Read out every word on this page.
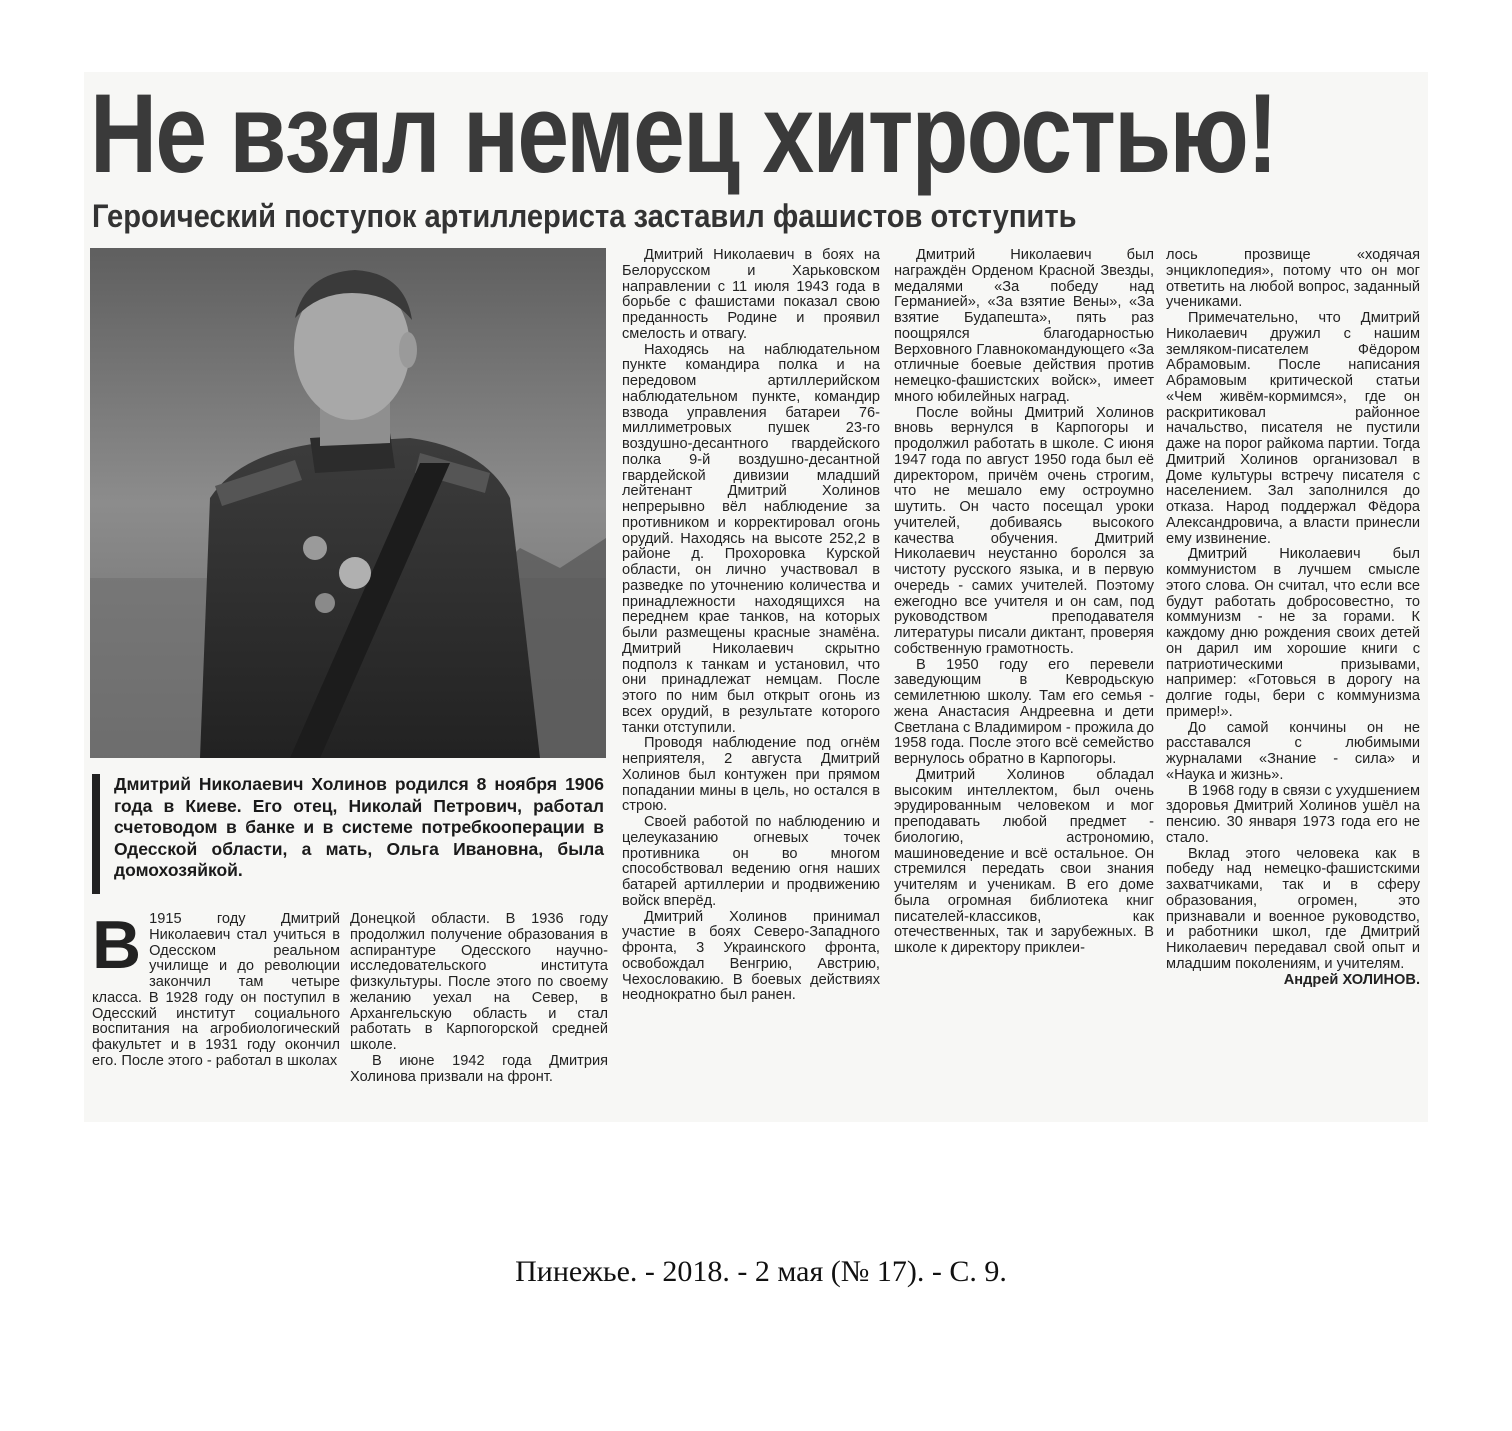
Не взял немец хитростью!
Героический поступок артиллериста заставил фашистов отступить
Дмитрий Николаевич Холинов родился 8 ноября 1906 года в Киеве. Его отец, Николай Петрович, работал счетоводом в банке и в системе потребкооперации в Одесской области, а мать, Ольга Ивановна, была домохозяйкой.
В 1915 году Дмитрий Николаевич стал учиться в Одесском реальном училище и до революции закончил там четыре класса. В 1928 году он поступил в Одесский институт социального воспитания на агробиологический факультет и в 1931 году окончил его. После этого - работал в школах

Донецкой области. В 1936 году продолжил получение образования в аспирантуре Одесского научно-исследовательского института физкультуры. После этого по своему желанию уехал на Север, в Архангельскую область и стал работать в Карпогорской средней школе.

В июне 1942 года Дмитрия Холинова призвали на фронт.

Дмитрий Николаевич в боях на Белорусском и Харьковском направлении с 11 июля 1943 года в борьбе с фашистами показал свою преданность Родине и проявил смелость и отвагу.

Находясь на наблюдательном пункте командира полка и на передовом артиллерийском наблюдательном пункте, командир взвода управления батареи 76-миллиметровых пушек 23-го воздушно-десантного гвардейского полка 9-й воздушно-десантной гвардейской дивизии младший лейтенант Дмитрий Холинов непрерывно вёл наблюдение за противником и корректировал огонь орудий. Находясь на высоте 252,2 в районе д. Прохоровка Курской области, он лично участвовал в разведке по уточнению количества и принадлежности находящихся на переднем крае танков, на которых были размещены красные знамёна. Дмитрий Николаевич скрытно подполз к танкам и установил, что они принадлежат немцам. После этого по ним был открыт огонь из всех орудий, в результате которого танки отступили.

Проводя наблюдение под огнём неприятеля, 2 августа Дмитрий Холинов был контужен при прямом попадании мины в цель, но остался в строю.

Своей работой по наблюдению и целеуказанию огневых точек противника он во многом способствовал ведению огня наших батарей артиллерии и продвижению войск вперёд.

Дмитрий Холинов принимал участие в боях Северо-Западного фронта, 3 Украинского фронта, освобождал Венгрию, Австрию, Чехословакию. В боевых действиях неоднократно был ранен.

Дмитрий Николаевич был награждён Орденом Красной Звезды, медалями «За победу над Германией», «За взятие Вены», «За взятие Будапешта», пять раз поощрялся благодарностью Верховного Главнокомандующего «За отличные боевые действия против немецко-фашистских войск», имеет много юбилейных наград.

После войны Дмитрий Холинов вновь вернулся в Карпогоры и продолжил работать в школе. С июня 1947 года по август 1950 года был её директором, причём очень строгим, что не мешало ему остроумно шутить. Он часто посещал уроки учителей, добиваясь высокого качества обучения. Дмитрий Николаевич неустанно боролся за чистоту русского языка, и в первую очередь - самих учителей. Поэтому ежегодно все учителя и он сам, под руководством преподавателя литературы писали диктант, проверяя собственную грамотность.

В 1950 году его перевели заведующим в Кевродьскую семилетнюю школу. Там его семья - жена Анастасия Андреевна и дети Светлана с Владимиром - прожила до 1958 года. После этого всё семейство вернулось обратно в Карпогоры.

Дмитрий Холинов обладал высоким интеллектом, был очень эрудированным человеком и мог преподавать любой предмет - биологию, астрономию, машиноведение и всё остальное. Он стремился передать свои знания учителям и ученикам. В его доме была огромная библиотека книг писателей-классиков, как отечественных, так и зарубежных. В школе к директору приклеи-

лось прозвище «ходячая энциклопедия», потому что он мог ответить на любой вопрос, заданный учениками.

Примечательно, что Дмитрий Николаевич дружил с нашим земляком-писателем Фёдором Абрамовым. После написания Абрамовым критической статьи «Чем живём-кормимся», где он раскритиковал районное начальство, писателя не пустили даже на порог райкома партии. Тогда Дмитрий Холинов организовал в Доме культуры встречу писателя с населением. Зал заполнился до отказа. Народ поддержал Фёдора Александровича, а власти принесли ему извинение.

Дмитрий Николаевич был коммунистом в лучшем смысле этого слова. Он считал, что если все будут работать добросовестно, то коммунизм - не за горами. К каждому дню рождения своих детей он дарил им хорошие книги с патриотическими призывами, например: «Готовься в дорогу на долгие годы, бери с коммунизма пример!».

До самой кончины он не расставался с любимыми журналами «Знание - сила» и «Наука и жизнь».

В 1968 году в связи с ухудшением здоровья Дмитрий Холинов ушёл на пенсию. 30 января 1973 года его не стало.

Вклад этого человека как в победу над немецко-фашистскими захватчиками, так и в сферу образования, огромен, это признавали и военное руководство, и работники школ, где Дмитрий Николаевич передавал свой опыт и младшим поколениям, и учителям.

Андрей ХОЛИНОВ.

Пинежье. - 2018. - 2 мая (№ 17). - С. 9.
